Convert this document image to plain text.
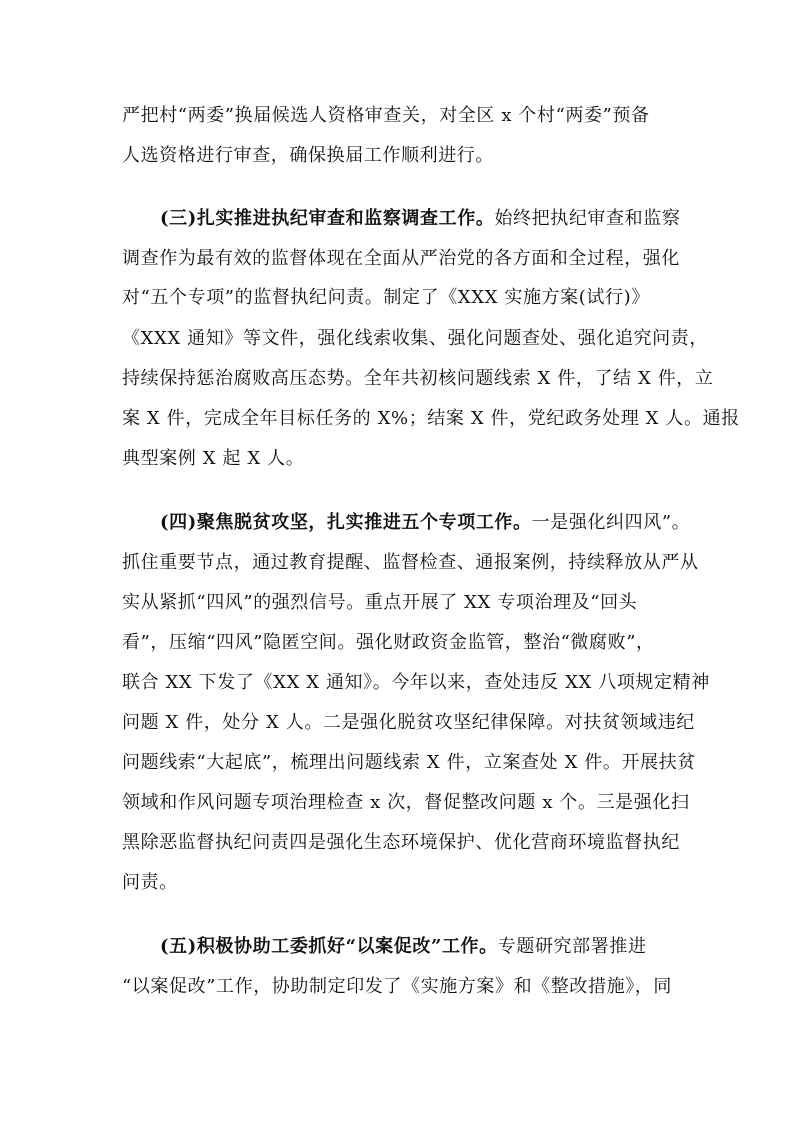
严把村“两委”换届候选人资格审查关，对全区 x 个村“两委”预备
人选资格进行审查，确保换届工作顺利进行。
(三)扎实推进执纪审查和监察调查工作。始终把执纪审查和监察
调查作为最有效的监督体现在全面从严治党的各方面和全过程，强化
对“五个专项”的监督执纪问责。制定了《XXX 实施方案(试行)》
《XXX 通知》等文件，强化线索收集、强化问题查处、强化追究问责，
持续保持惩治腐败高压态势。全年共初核问题线索 X 件，了结 X 件，立
案 X 件，完成全年目标任务的 X%；结案 X 件，党纪政务处理 X 人。通报
典型案例 X 起 X 人。
(四)聚焦脱贫攻坚，扎实推进五个专项工作。一是强化纠四风”。
抓住重要节点，通过教育提醒、监督检查、通报案例，持续释放从严从
实从紧抓“四风”的强烈信号。重点开展了 XX 专项治理及“回头
看”，压缩“四风”隐匿空间。强化财政资金监管，整治“微腐败”，
联合 XX 下发了《XX X 通知》。今年以来，查处违反 XX 八项规定精神
问题 X 件，处分 X 人。二是强化脱贫攻坚纪律保障。对扶贫领域违纪
问题线索“大起底”，梳理出问题线索 X 件，立案查处 X 件。开展扶贫
领域和作风问题专项治理检查 x 次，督促整改问题 x 个。三是强化扫
黑除恶监督执纪问责四是强化生态环境保护、优化营商环境监督执纪
问责。
(五)积极协助工委抓好“以案促改”工作。专题研究部署推进
“以案促改”工作，协助制定印发了《实施方案》和《整改措施》，同
